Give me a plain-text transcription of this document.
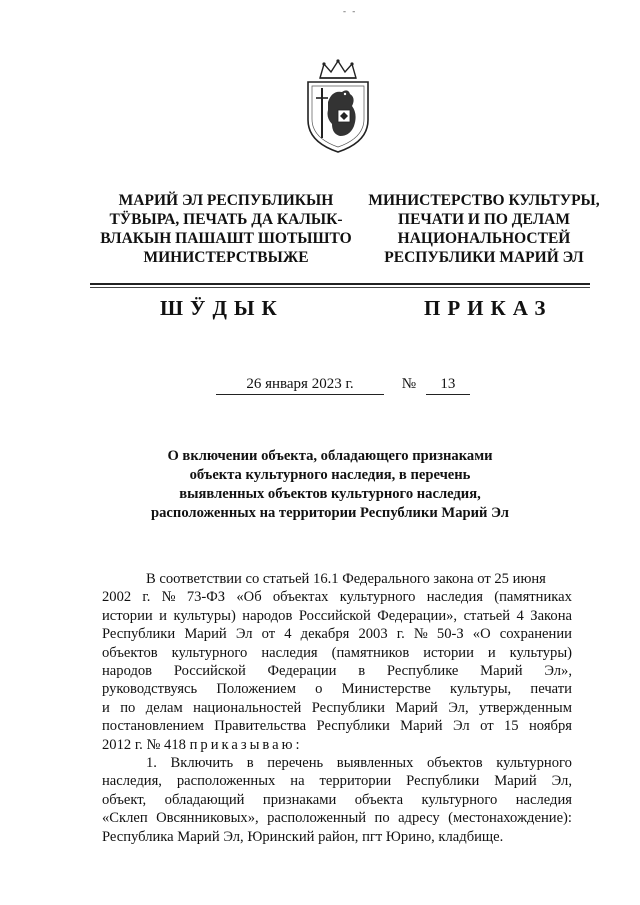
- -
МАРИЙ ЭЛ РЕСПУБЛИКЫН
ТӰВЫРА, ПЕЧАТЬ ДА КАЛЫК-
ВЛАКЫН ПАШАШТ ШОТЫШТО
МИНИСТЕРСТВЫЖЕ
МИНИСТЕРСТВО КУЛЬТУРЫ,
ПЕЧАТИ И ПО ДЕЛАМ
НАЦИОНАЛЬНОСТЕЙ
РЕСПУБЛИКИ МАРИЙ ЭЛ
ШӰДЫК	ПРИКАЗ
26 января 2023 г.	№ 13
О включении объекта, обладающего признаками
объекта культурного наследия, в перечень
выявленных объектов культурного наследия,
расположенных на территории Республики Марий Эл
В соответствии со статьей 16.1 Федерального закона от 25 июня
2002 г. № 73-ФЗ «Об объектах культурного наследия (памятниках
истории и культуры) народов Российской Федерации», статьей 4 Закона
Республики Марий Эл от 4 декабря 2003 г. № 50-З «О сохранении
объектов культурного наследия (памятников истории и культуры)
народов Российской Федерации в Республике Марий Эл»,
руководствуясь Положением о Министерстве культуры, печати
и по делам национальностей Республики Марий Эл, утвержденным
постановлением Правительства Республики Марий Эл от 15 ноября
2012 г. № 418
приказываю:
1. Включить в перечень выявленных объектов культурного
наследия, расположенных на территории Республики Марий Эл,
объект, обладающий признаками объекта культурного наследия
«Склеп Овсянниковых», расположенный по адресу (местонахождение):
Республика Марий Эл, Юринский район, пгт Юрино, кладбище.
